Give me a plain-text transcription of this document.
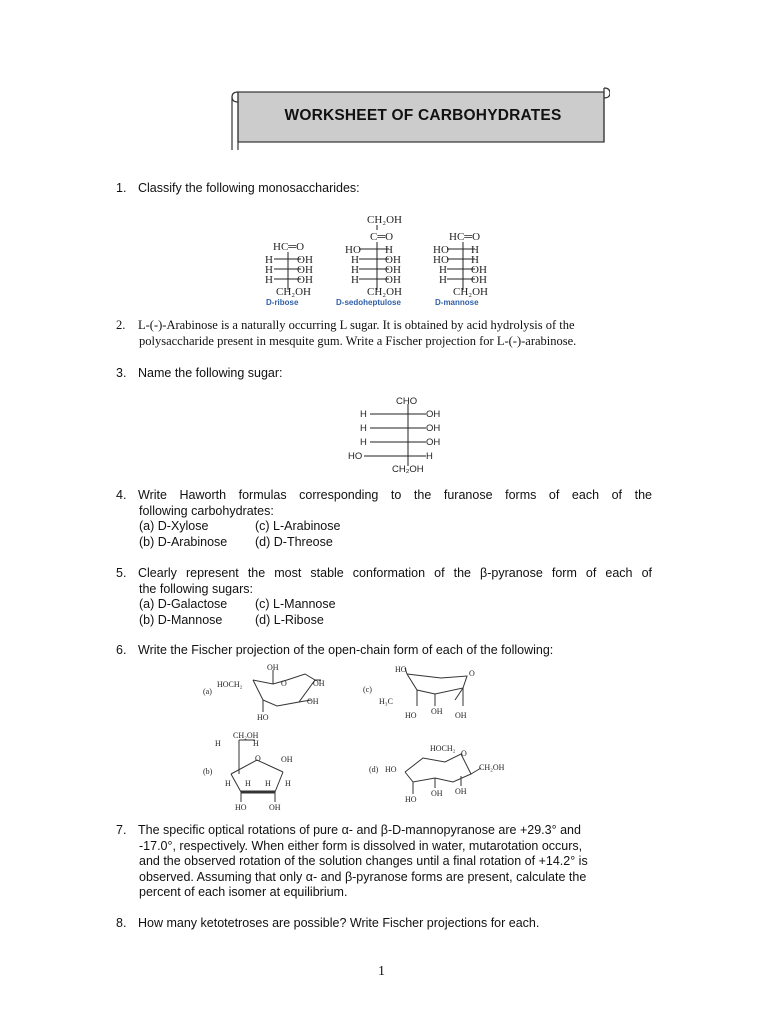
WORKSHEET OF CARBOHYDRATES
1. Classify the following monosaccharides:
HC═O
H OH
H OH
H OH
CH₂OH
D-ribose
CH₂OH
C═O
HO H
H OH
H OH
H OH
CH₂OH
D-sedoheptulose
HC═O
HO H
HO H
H OH
H OH
CH₂OH
D-mannose
2. L-(-)-Arabinose is a naturally occurring L sugar. It is obtained by acid hydrolysis of the
polysaccharide present in mesquite gum. Write a Fischer projection for L-(-)-arabinose.
3. Name the following sugar:
CHO
H	OH
H	OH
H	OH
HO	H
CH₂OH
4. Write Haworth formulas corresponding to the furanose forms of each of the
following carbohydrates:
(a) D-Xylose	(c) L-Arabinose
(b) D-Arabinose (d) D-Threose
5. Clearly represent the most stable conformation of the β-pyranose form of each of
the following sugars:
(a) D-Galactose (c) L-Mannose
(b) D-Mannose	(d) L-Ribose
6. Write the Fischer projection of the open-chain form of each of the following:
(a)
HOCH₂
OH
O	OH
OH
HO
(c)
HO	O
H₃C
HO OH OH
CH₂OH
H	H
O	OH
(b)
H H H H
HO	OH
HOCH₂
(d) HO
O
CH₂OH
HO
OH OH
7. The specific optical rotations of pure α- and β-D-mannopyranose are +29.3° and
-17.0°, respectively. When either form is dissolved in water, mutarotation occurs,
and the observed rotation of the solution changes until a final rotation of +14.2° is
observed. Assuming that only α- and β-pyranose forms are present, calculate the
percent of each isomer at equilibrium.
8. How many ketotetroses are possible? Write Fischer projections for each.
1
